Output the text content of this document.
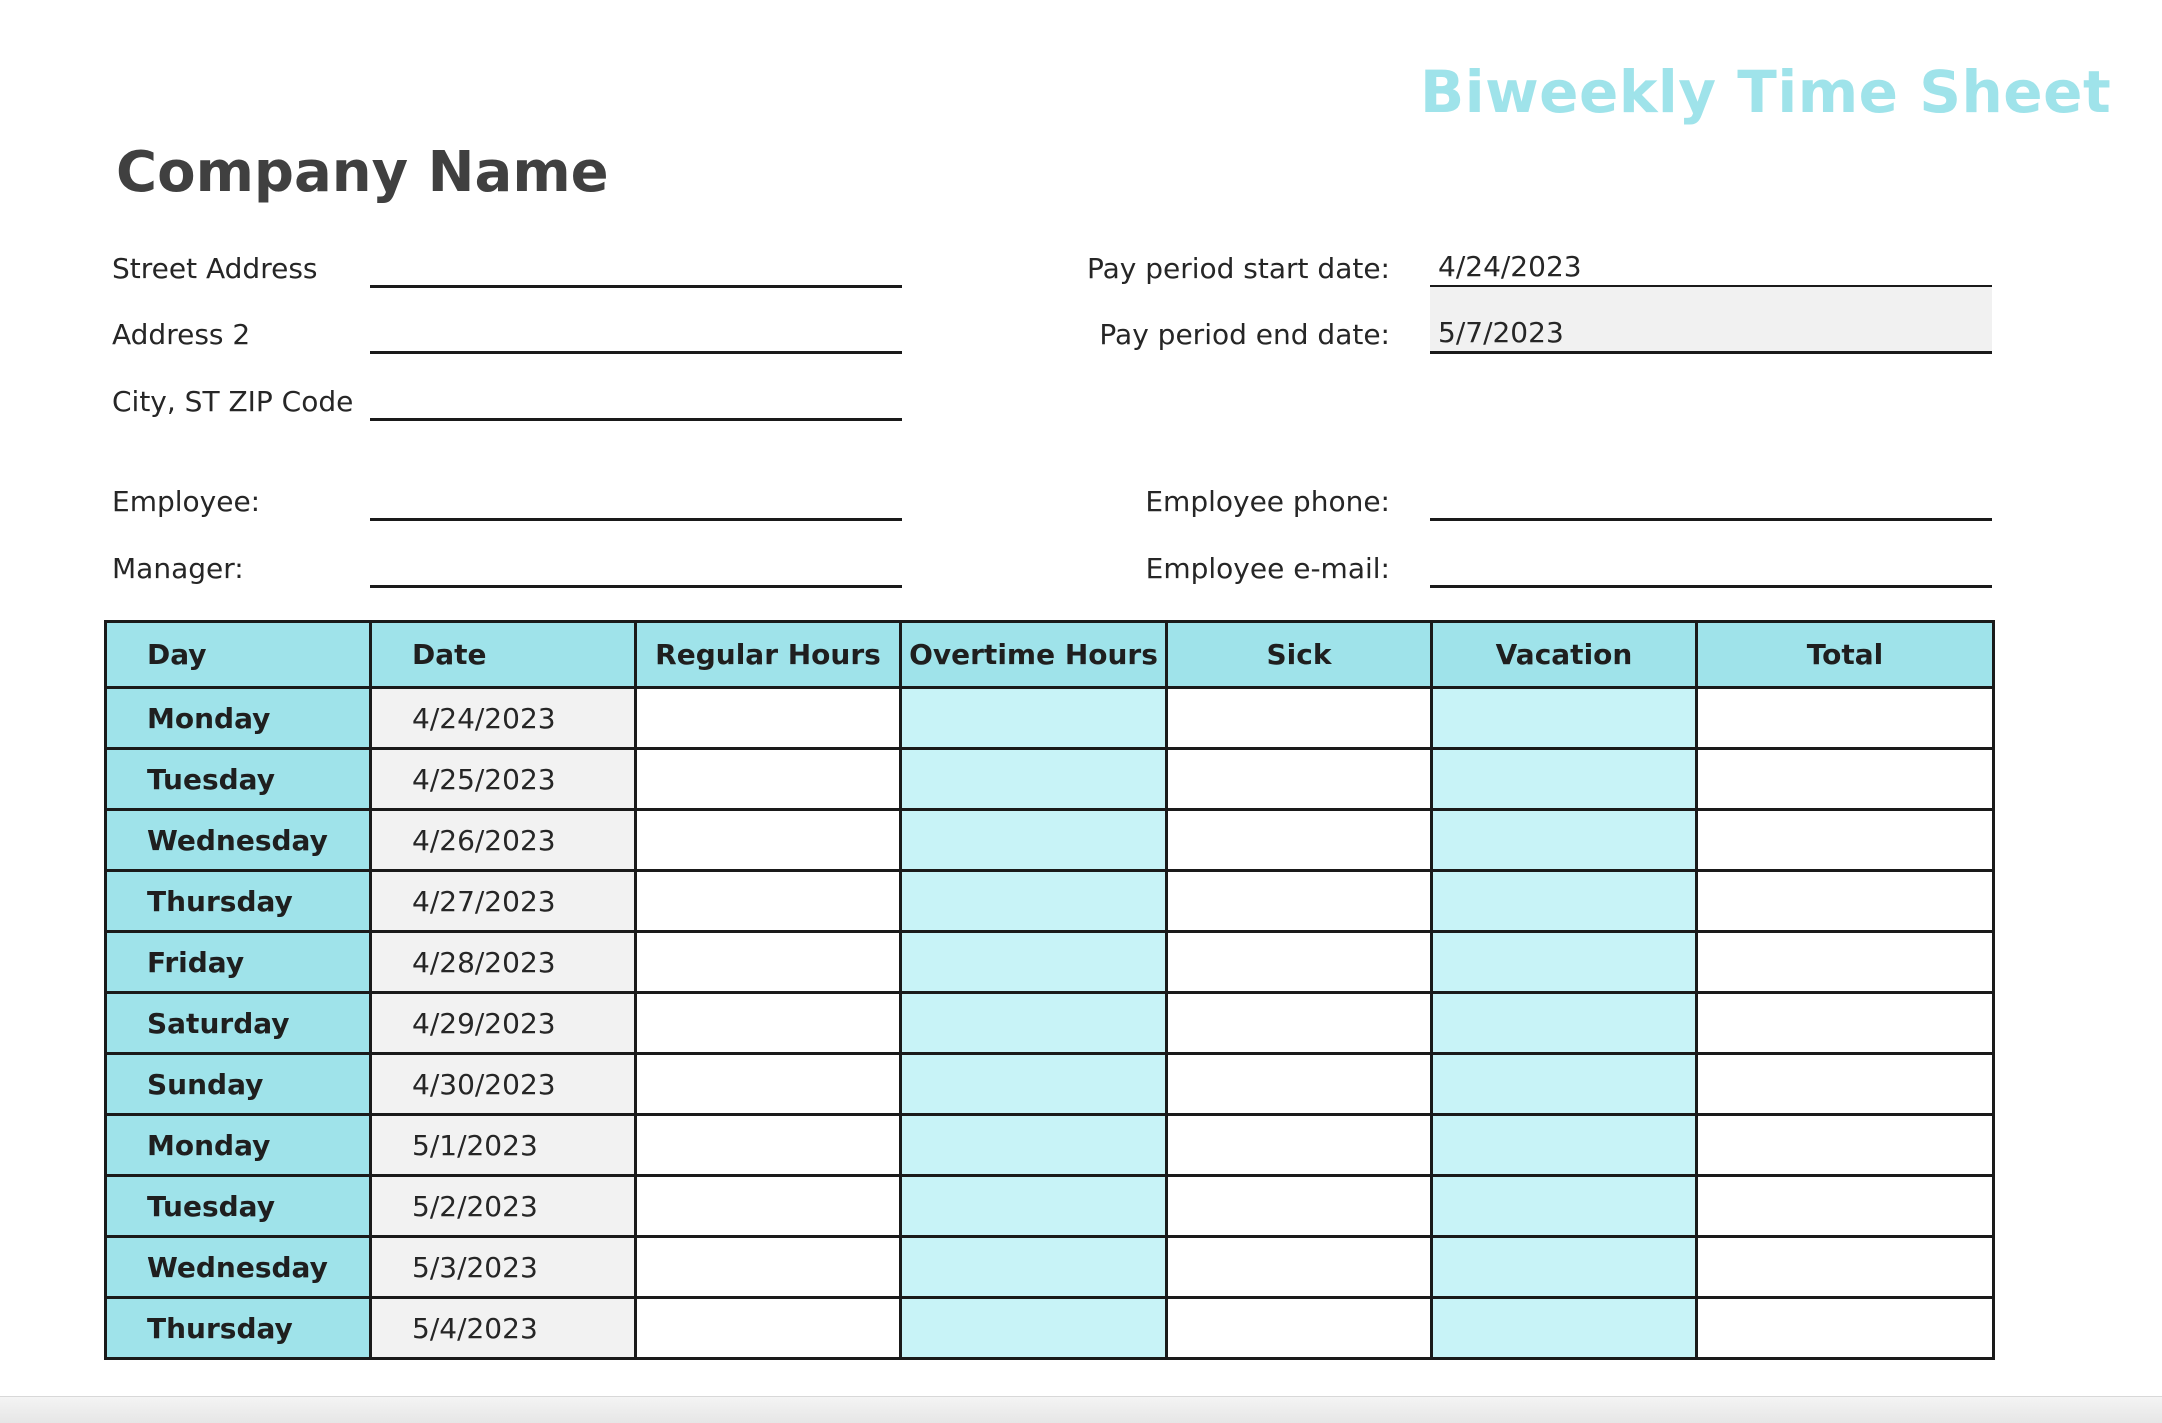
Biweekly Time Sheet
Company Name
Street Address
Address 2
City, ST ZIP Code
Pay period start date: 4/24/2023
Pay period end date: 5/7/2023
Employee:
Manager:
Employee phone:
Employee e-mail:
Day	Date	Regular Hours	Overtime Hours	Sick	Vacation	Total
Monday	4/24/2023					
Tuesday	4/25/2023					
Wednesday	4/26/2023					
Thursday	4/27/2023					
Friday	4/28/2023					
Saturday	4/29/2023					
Sunday	4/30/2023					
Monday	5/1/2023					
Tuesday	5/2/2023					
Wednesday	5/3/2023					
Thursday	5/4/2023					
